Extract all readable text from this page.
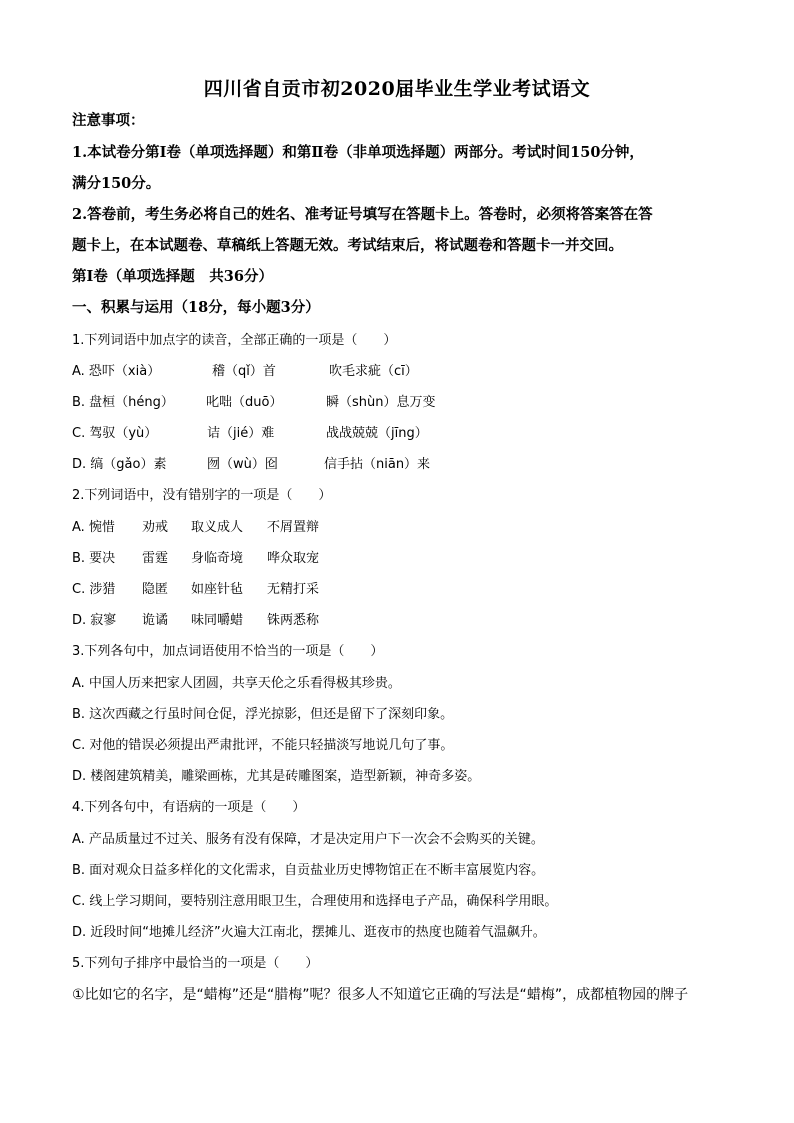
四川省自贡市初2020届毕业生学业考试语文
注意事项：
1.本试卷分第Ⅰ卷（单项选择题）和第Ⅱ卷（非单项选择题）两部分。考试时间150分钟，
满分150分。
2.答卷前，考生务必将自己的姓名、准考证号填写在答题卡上。答卷时，必须将答案答在答
题卡上，在本试题卷、草稿纸上答题无效。考试结束后，将试题卷和答题卡一并交回。
第Ⅰ卷（单项选择题　共36分）
一、积累与运用（18分，每小题3分）
1.下列词语中加点字的读音，全部正确的一项是（　　）
A. 恐吓（xià）	稽（qǐ）首	吹毛求疵（cī）
B. 盘桓（héng） 叱咄（duō）	瞬（shùn）息万变
C. 驾驭（yù）	诘（jié）难	战战兢兢（jīng）
D. 缟（gǎo）素	囫（wù）囵	信手拈（niān）来
2.下列词语中，没有错别字的一项是（　　）
A. 惋惜 劝戒 取义成人 不屑置辩
B. 要决 雷霆 身临奇境 哗众取宠
C. 涉猎 隐匿 如座针毡 无精打采
D. 寂寥 诡谲 味同嚼蜡 铢两悉称
3.下列各句中，加点词语使用不恰当的一项是（　　）
A. 中国人历来把家人团圆，共享天伦之乐看得极其珍贵。
B. 这次西藏之行虽时间仓促，浮光掠影，但还是留下了深刻印象。
C. 对他的错误必须提出严肃批评，不能只轻描淡写地说几句了事。
D. 楼阁建筑精美，雕梁画栋，尤其是砖雕图案，造型新颖，神奇多姿。
4.下列各句中，有语病的一项是（　　）
A. 产品质量过不过关、服务有没有保障，才是决定用户下一次会不会购买的关键。
B. 面对观众日益多样化的文化需求，自贡盐业历史博物馆正在不断丰富展览内容。
C. 线上学习期间，要特别注意用眼卫生，合理使用和选择电子产品，确保科学用眼。
D. 近段时间“地摊儿经济”火遍大江南北，摆摊儿、逛夜市的热度也随着气温飙升。
5.下列句子排序中最恰当的一项是（　　）
①比如它的名字，是“蜡梅”还是“腊梅”呢？很多人不知道它正确的写法是“蜡梅”，成都植物园的牌子
